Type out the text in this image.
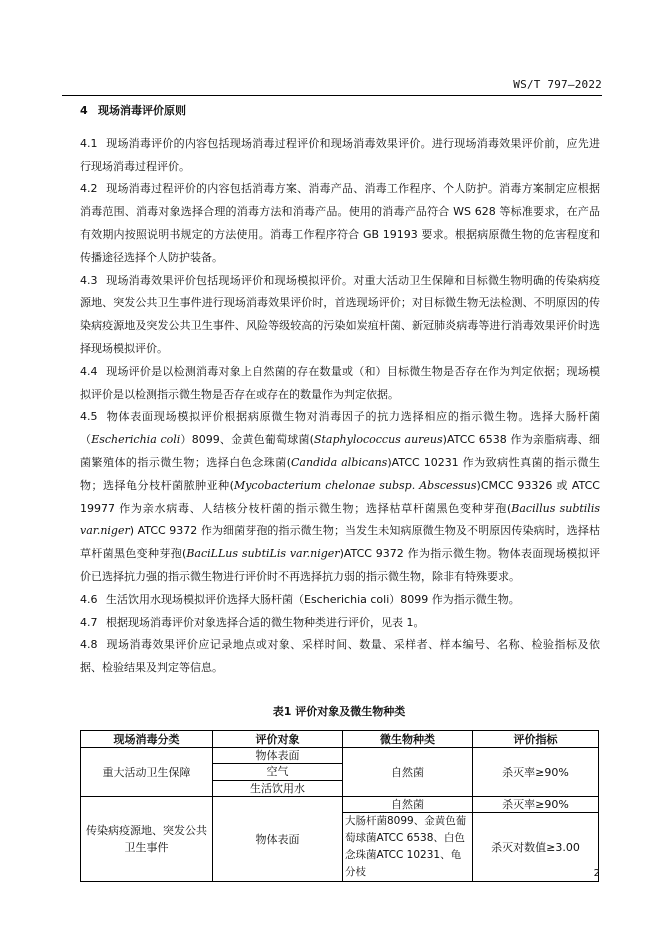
WS/T 797—2022

4 现场消毒评价原则

4.1 现场消毒评价的内容包括现场消毒过程评价和现场消毒效果评价。进行现场消毒效果评价前，应先进行现场消毒过程评价。

4.2 现场消毒过程评价的内容包括消毒方案、消毒产品、消毒工作程序、个人防护。消毒方案制定应根据消毒范围、消毒对象选择合理的消毒方法和消毒产品。使用的消毒产品符合 WS 628 等标准要求，在产品有效期内按照说明书规定的方法使用。消毒工作程序符合 GB 19193 要求。根据病原微生物的危害程度和传播途径选择个人防护装备。

4.3 现场消毒效果评价包括现场评价和现场模拟评价。对重大活动卫生保障和目标微生物明确的传染病疫源地、突发公共卫生事件进行现场消毒效果评价时，首选现场评价；对目标微生物无法检测、不明原因的传染病疫源地及突发公共卫生事件、风险等级较高的污染如炭疽杆菌、新冠肺炎病毒等进行消毒效果评价时选择现场模拟评价。

4.4 现场评价是以检测消毒对象上自然菌的存在数量或（和）目标微生物是否存在作为判定依据；现场模拟评价是以检测指示微生物是否存在或存在的数量作为判定依据。

4.5 物体表面现场模拟评价根据病原微生物对消毒因子的抗力选择相应的指示微生物。选择大肠杆菌（Escherichia coli）8099、金黄色葡萄球菌(Staphylococcus aureus)ATCC 6538 作为亲脂病毒、细菌繁殖体的指示微生物；选择白色念珠菌(Candida albicans)ATCC 10231 作为致病性真菌的指示微生物；选择龟分枝杆菌脓肿亚种(Mycobacterium chelonae subsp. Abscessus)CMCC 93326 或 ATCC 19977 作为亲水病毒、人结核分枝杆菌的指示微生物；选择枯草杆菌黑色变种芽孢(Bacillus subtilis var.niger) ATCC 9372 作为细菌芽孢的指示微生物；当发生未知病原微生物及不明原因传染病时，选择枯草杆菌黑色变种芽孢(BaciLLus subtiLis var.niger)ATCC 9372 作为指示微生物。物体表面现场模拟评价已选择抗力强的指示微生物进行评价时不再选择抗力弱的指示微生物，除非有特殊要求。

4.6 生活饮用水现场模拟评价选择大肠杆菌（Escherichia coli）8099 作为指示微生物。

4.7 根据现场消毒评价对象选择合适的微生物种类进行评价，见表 1。

4.8 现场消毒效果评价应记录地点或对象、采样时间、数量、采样者、样本编号、名称、检验指标及依据、检验结果及判定等信息。

表1 评价对象及微生物种类
现场消毒分类	评价对象	微生物种类	评价指标
重大活动卫生保障	物体表面	自然菌	杀灭率≥90%
	空气		
	生活饮用水		
传染病疫源地、突发公共卫生事件	物体表面	自然菌	杀灭率≥90%
		大肠杆菌8099、金黄色葡萄球菌ATCC 6538、白色念珠菌ATCC 10231、龟分枝	杀灭对数值≥3.00
2
